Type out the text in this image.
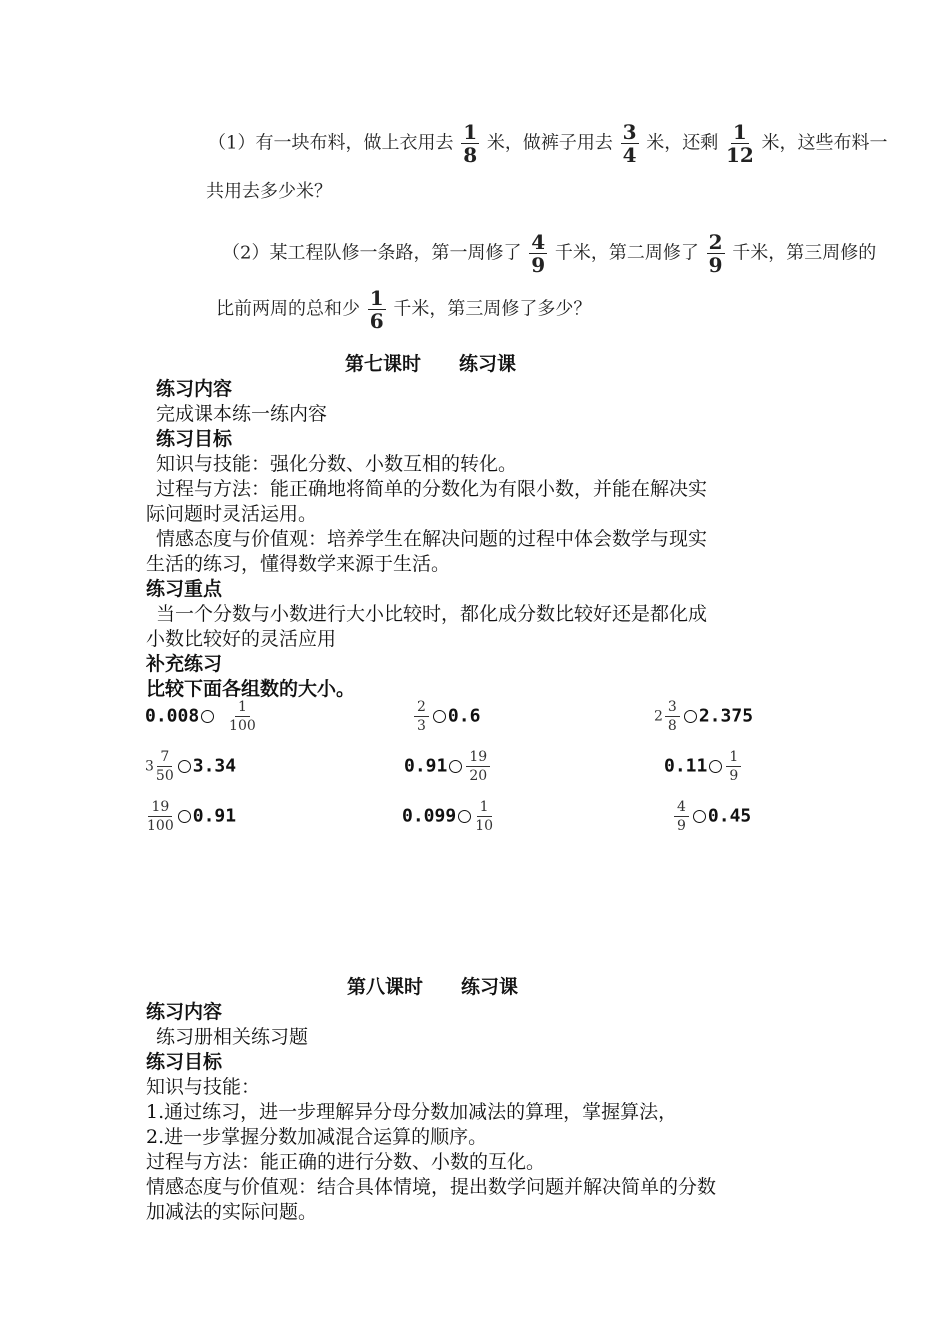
（1）有一块布料，做上衣用去 $\frac{1}{8}$ 米，做裤子用去 $\frac{3}{4}$ 米，还剩 $\frac{1}{12}$ 米，这些布料一
共用去多少米？
（2）某工程队修一条路，第一周修了 $\frac{4}{9}$ 千米，第二周修了 $\frac{2}{9}$ 千米，第三周修的
比前两周的总和少 $\frac{1}{6}$ 千米，第三周修了多少？
第七课时　　练习课
练习内容
完成课本练一练内容
练习目标
知识与技能：强化分数、小数互相的转化。
过程与方法：能正确地将简单的分数化为有限小数，并能在解决实
际问题时灵活运用。
情感态度与价值观：培养学生在解决问题的过程中体会数学与现实
生活的练习，懂得数学来源于生活。
练习重点
当一个分数与小数进行大小比较时，都化成分数比较好还是都化成
小数比较好的灵活应用
补充练习
比较下面各组数的大小。
$0.008 \frac{1}{100}$	$\frac{2}{3} 0.6$	$2 \frac{3}{8} 2.375$
$3 \frac{7}{50} 3.34$	$0.91 \frac{19}{20}$	$0.11 \frac{1}{9}$
$\frac{19}{100} 0.91$	$0.099 \frac{1}{10}$	$\frac{4}{9} 0.45$
第八课时　　练习课
练习内容
练习册相关练习题
练习目标
知识与技能：
1.通过练习，进一步理解异分母分数加减法的算理，掌握算法，
2.进一步掌握分数加减混合运算的顺序。
过程与方法：能正确的进行分数、小数的互化。
情感态度与价值观：结合具体情境，提出数学问题并解决简单的分数
加减法的实际问题。
